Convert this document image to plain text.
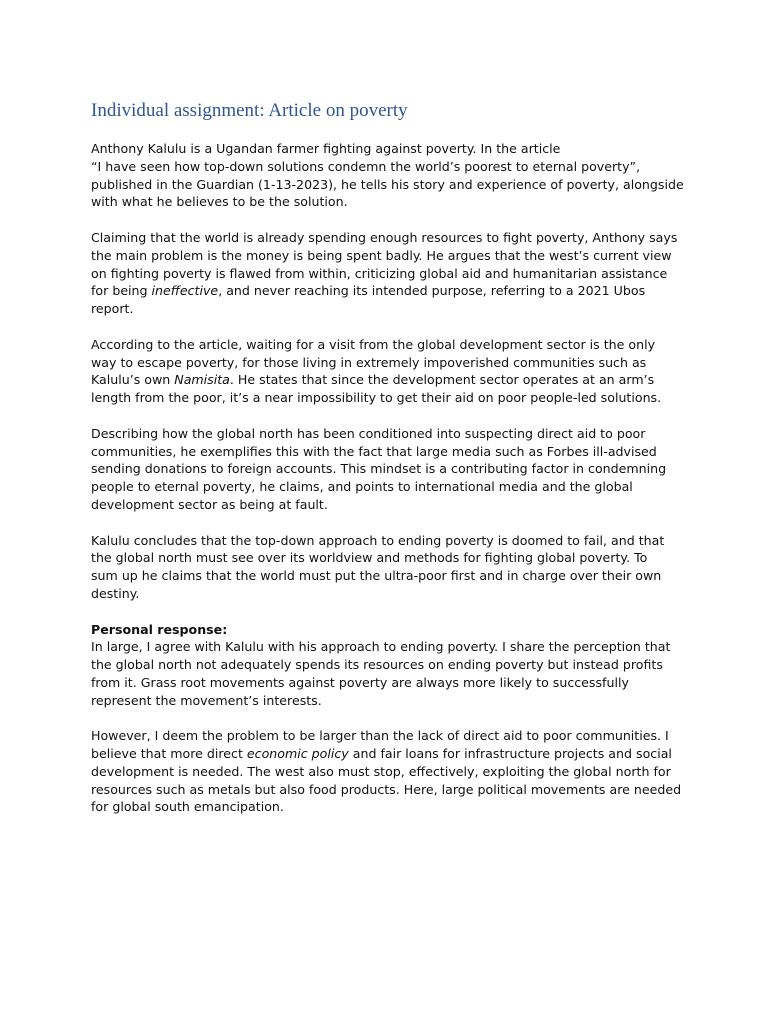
Individual assignment: Article on poverty

Anthony Kalulu is a Ugandan farmer fighting against poverty. In the article
“I have seen how top-down solutions condemn the world’s poorest to eternal poverty”,
published in the Guardian (1-13-2023), he tells his story and experience of poverty, alongside
with what he believes to be the solution.

Claiming that the world is already spending enough resources to fight poverty, Anthony says
the main problem is the money is being spent badly. He argues that the west’s current view
on fighting poverty is flawed from within, criticizing global aid and humanitarian assistance
for being ineffective, and never reaching its intended purpose, referring to a 2021 Ubos
report.

According to the article, waiting for a visit from the global development sector is the only
way to escape poverty, for those living in extremely impoverished communities such as
Kalulu’s own Namisita. He states that since the development sector operates at an arm’s
length from the poor, it’s a near impossibility to get their aid on poor people-led solutions.

Describing how the global north has been conditioned into suspecting direct aid to poor
communities, he exemplifies this with the fact that large media such as Forbes ill-advised
sending donations to foreign accounts. This mindset is a contributing factor in condemning
people to eternal poverty, he claims, and points to international media and the global
development sector as being at fault.

Kalulu concludes that the top-down approach to ending poverty is doomed to fail, and that
the global north must see over its worldview and methods for fighting global poverty. To
sum up he claims that the world must put the ultra-poor first and in charge over their own
destiny.

Personal response:
In large, I agree with Kalulu with his approach to ending poverty. I share the perception that
the global north not adequately spends its resources on ending poverty but instead profits
from it. Grass root movements against poverty are always more likely to successfully
represent the movement’s interests.

However, I deem the problem to be larger than the lack of direct aid to poor communities. I
believe that more direct economic policy and fair loans for infrastructure projects and social
development is needed. The west also must stop, effectively, exploiting the global north for
resources such as metals but also food products. Here, large political movements are needed
for global south emancipation.
